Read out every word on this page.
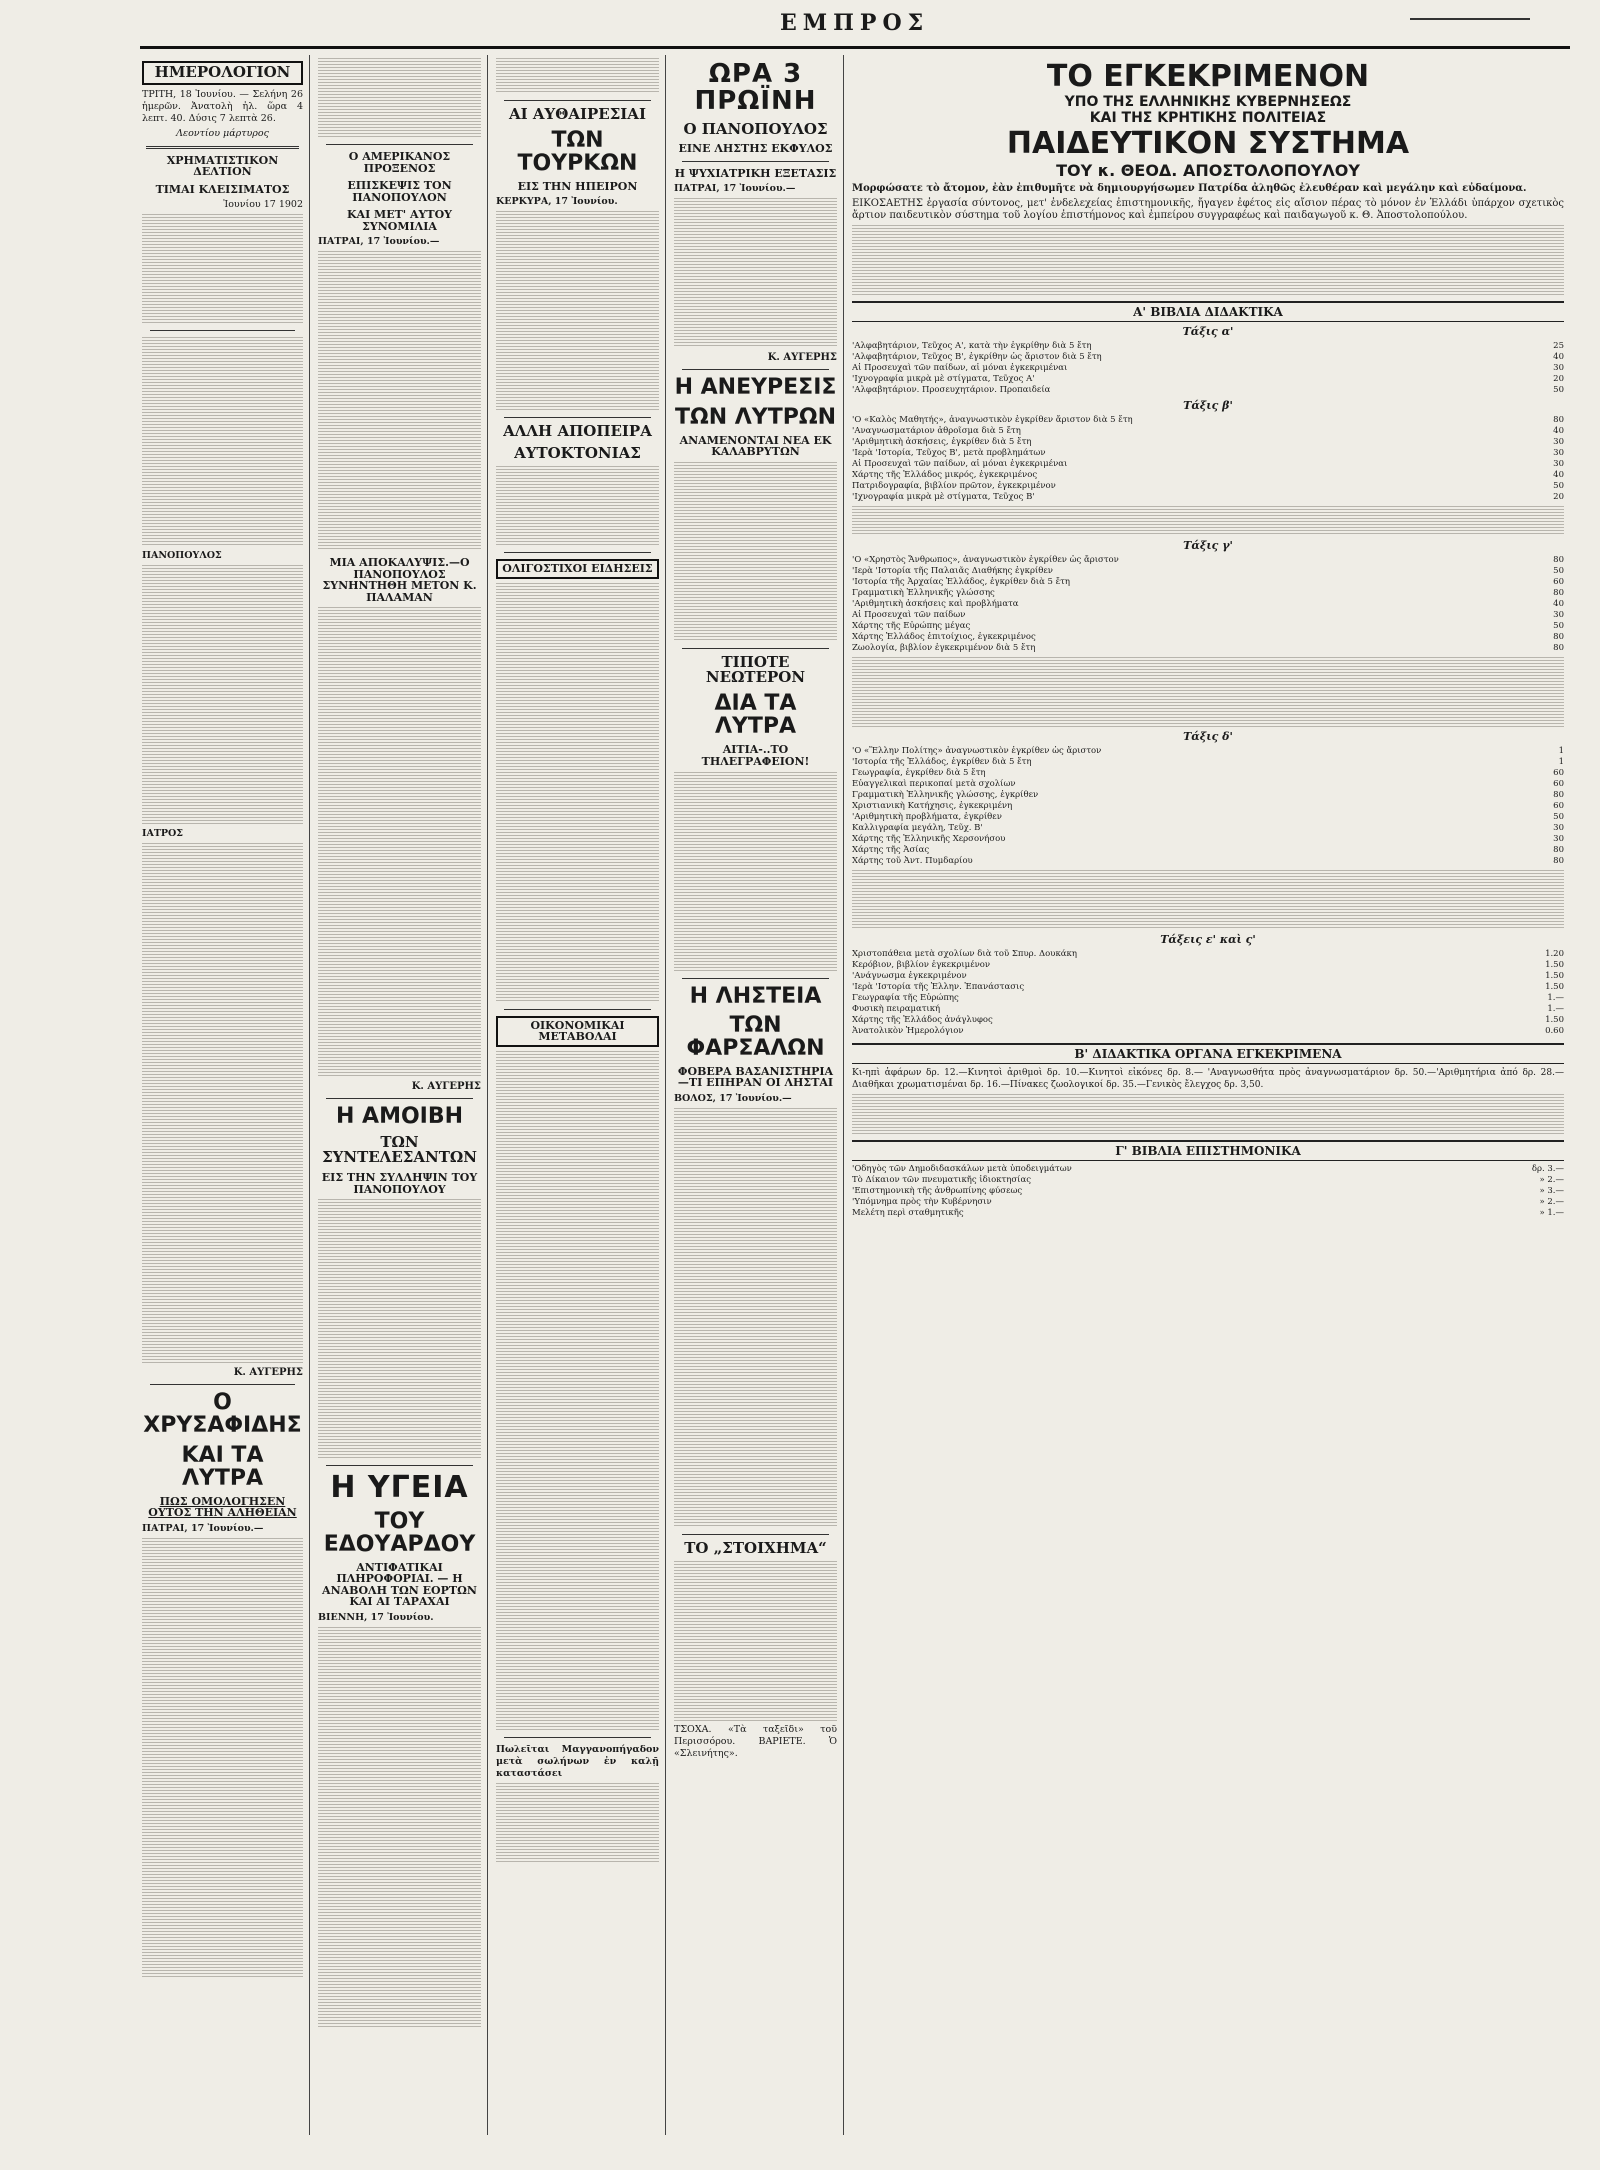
ΕΜΠΡΟΣ
ΗΜΕΡΟΛΟΓΙΟΝ
ΤΡΙΤΗ, 18 Ἰουνίου. — Σελήνη 26 ἡμερῶν. Ἀνατολὴ ἡλ. ὥρα 4 λεπτ. 40. Δύσις 7 λεπτὰ 26.
Λεοντίου μάρτυρος
ΧΡΗΜΑΤΙΣΤΙΚΟΝ ΔΕΛΤΙΟΝ
ΤΙΜΑΙ ΚΛΕΙΣΙΜΑΤΟΣ
Ἰουνίου 17 1902
ΠΑΝΟΠΟΥΛΟΣ
ΙΑΤΡΟΣ
Κ. ΑΥΓΕΡΗΣ
Ο ΧΡΥΣΑΦΙΔΗΣ
ΚΑΙ ΤΑ ΛΥΤΡΑ
ΠΩΣ ΟΜΟΛΟΓΗΣΕΝ ΟΥΤΟΣ ΤΗΝ ΑΛΗΘΕΙΑΝ
ΠΑΤΡΑΙ, 17 Ἰουνίου.—
Ο ΑΜΕΡΙΚΑΝΟΣ ΠΡΟΞΕΝΟΣ
ΕΠΙΣΚΕΨΙΣ ΤΟΝ ΠΑΝΟΠΟΥΛΟΝ
ΚΑΙ ΜΕΤ' ΑΥΤΟΥ ΣΥΝΟΜΙΛΙΑ
ΠΑΤΡΑΙ, 17 Ἰουνίου.—
ΜΙΑ ΑΠΟΚΑΛΥΨΙΣ.—Ο ΠΑΝΟΠΟΥΛΟΣ ΣΥΝΗΝΤΗΘΗ ΜΕΤΟΝ Κ. ΠΑΛΑΜΑΝ
Κ. ΑΥΓΕΡΗΣ
Η ΑΜΟΙΒΗ
ΤΩΝ ΣΥΝΤΕΛΕΣΑΝΤΩΝ
ΕΙΣ ΤΗΝ ΣΥΛΛΗΨΙΝ ΤΟΥ ΠΑΝΟΠΟΥΛΟΥ
Η ΥΓΕΙΑ
ΤΟΥ ΕΔΟΥΑΡΔΟΥ
ΑΝΤΙΦΑΤΙΚΑΙ ΠΛΗΡΟΦΟΡΙΑΙ. — Η ΑΝΑΒΟΛΗ ΤΩΝ ΕΟΡΤΩΝ ΚΑΙ ΑΙ ΤΑΡΑΧΑΙ
ΒΙΕΝΝΗ, 17 Ἰουνίου.
ΑΙ ΑΥΘΑΙΡΕΣΙΑΙ
ΤΩΝ ΤΟΥΡΚΩΝ
ΕΙΣ ΤΗΝ ΗΠΕΙΡΟΝ
ΚΕΡΚΥΡΑ, 17 Ἰουνίου.
ΑΛΛΗ ΑΠΟΠΕΙΡΑ
ΑΥΤΟΚΤΟΝΙΑΣ
ΟΛΙΓΟΣΤΙΧΟΙ ΕΙΔΗΣΕΙΣ
ΟΙΚΟΝΟΜΙΚΑΙ ΜΕΤΑΒΟΛΑΙ
Πωλεῖται Μαγγανοπήγαδον μετὰ σωλήνων ἐν καλῇ καταστάσει
ΩΡΑ 3 ΠΡΩΪΝΗ
Ο ΠΑΝΟΠΟΥΛΟΣ
ΕΙΝΕ ΛΗΣΤΗΣ ΕΚΦΥΛΟΣ
Η ΨΥΧΙΑΤΡΙΚΗ ΕΞΕΤΑΣΙΣ
ΠΑΤΡΑΙ, 17 Ἰουνίου.—
Κ. ΑΥΓΕΡΗΣ
Η ΑΝΕΥΡΕΣΙΣ
ΤΩΝ ΛΥΤΡΩΝ
ΑΝΑΜΕΝΟΝΤΑΙ ΝΕΑ ΕΚ ΚΑΛΑΒΡΥΤΩΝ
ΤΙΠΟΤΕ ΝΕΩΤΕΡΟΝ
ΔΙΑ ΤΑ ΛΥΤΡΑ
ΑΙΤΙΑ-..ΤΟ ΤΗΛΕΓΡΑΦΕΙΟΝ!
Η ΛΗΣΤΕΙΑ
ΤΩΝ ΦΑΡΣΑΛΩΝ
ΦΟΒΕΡΑ ΒΑΣΑΝΙΣΤΗΡΙΑ—ΤΙ ΕΠΗΡΑΝ ΟΙ ΛΗΣΤΑΙ
ΒΟΛΟΣ, 17 Ἰουνίου.—
ΤΟ „ΣΤΟΙΧΗΜΑ“
ΤΣΟΧΑ. «Τὰ ταξεῖδι» τοῦ Περισσόρου. ΒΑΡΙΕΤΕ. Ὁ «Σλεινήτης».
ΤΟ ΕΓΚΕΚΡΙΜΕΝΟΝ
ΥΠΟ ΤΗΣ ΕΛΛΗΝΙΚΗΣ ΚΥΒΕΡΝΗΣΕΩΣ
ΚΑΙ ΤΗΣ ΚΡΗΤΙΚΗΣ ΠΟΛΙΤΕΙΑΣ
ΠΑΙΔΕΥΤΙΚΟΝ ΣΥΣΤΗΜΑ
ΤΟΥ κ. ΘΕΟΔ. ΑΠΟΣΤΟΛΟΠΟΥΛΟΥ
Μορφώσατε τὸ ἄτομον, ἐὰν ἐπιθυμῆτε νὰ δημιουργήσωμεν Πατρίδα ἀληθῶς ἐλευθέραν καὶ μεγάλην καὶ εὐδαίμονα.
ΕΙΚΟΣΑΕΤΗΣ ἐργασία σύντονος, μετ' ἐνδελεχείας ἐπιστημονικῆς, ἤγαγεν ἐφέτος εἰς αἴσιον πέρας τὸ μόνον ἐν Ἑλλάδι ὑπάρχον σχετικὸς ἄρτιον παιδευτικὸν σύστημα τοῦ λογίου ἐπιστήμονος καὶ ἐμπείρου συγγραφέως καὶ παιδαγωγοῦ κ. Θ. Ἀποστολοπούλου.
Α' ΒΙΒΛΙΑ ΔΙΔΑΚΤΙΚΑ
Τάξις α'
'Αλφαβητάριον, Τεῦχος Α', κατὰ τὴν ἐγκρίθην διὰ 5 ἔτη	25
'Αλφαβητάριον, Τεῦχος Β', ἐγκρίθην ὡς ἄριστον διὰ 5 ἔτη	40
Αἱ Προσευχαὶ τῶν παίδων, αἱ μόναι ἐγκεκριμέναι	30
'Ιχνογραφία μικρὰ μὲ στίγματα, Τεῦχος Α'	20
'Αλφαβητάριον. Προσευχητάριον. Προπαιδεία	50
Τάξις β'
'Ο «Καλὸς Μαθητής», ἀναγνωστικὸν ἐγκρίθεν ἄριστον διὰ 5 ἔτη	80
'Αναγνωσματάριον ἀθροῖσμα διὰ 5 ἔτη	40
'Αριθμητικὴ ἀσκήσεις, ἐγκρίθεν διὰ 5 ἔτη	30
'Ιερὰ 'Ιστορία, Τεῦχος Β', μετὰ προβλημάτων	30
Αἱ Προσευχαὶ τῶν παίδων, αἱ μόναι ἐγκεκριμέναι	30
Χάρτης τῆς Ἑλλάδος μικρός, ἐγκεκριμένος	40
Πατριδογραφία, βιβλίον πρῶτον, ἐγκεκριμένον	50
'Ιχνογραφία μικρὰ μὲ στίγματα, Τεῦχος Β'	20
Τάξις γ'
'Ο «Χρηστὸς Ἄνθρωπος», ἀναγνωστικὸν ἐγκρίθεν ὡς ἄριστον	80
'Ιερὰ 'Ιστορία τῆς Παλαιᾶς Διαθήκης ἐγκρίθεν	50
'Ιστορία τῆς Ἀρχαίας Ἑλλάδος, ἐγκρίθεν διὰ 5 ἔτη	60
Γραμματικὴ Ἑλληνικῆς γλώσσης	80
'Αριθμητικὴ ἀσκήσεις καὶ προβλήματα	40
Αἱ Προσευχαὶ τῶν παίδων	30
Χάρτης τῆς Εὐρώπης μέγας	50
Χάρτης Ἑλλάδος ἐπιτοίχιος, ἐγκεκριμένος	80
Ζωολογία, βιβλίον ἐγκεκριμένον διὰ 5 ἔτη	80
Τάξις δ'
'Ο «Ἕλλην Πολίτης» ἀναγνωστικὸν ἐγκρίθεν ὡς ἄριστον	1
'Ιστορία τῆς Ἑλλάδος, ἐγκρίθεν διὰ 5 ἔτη	1
Γεωγραφία, ἐγκρίθεν διὰ 5 ἔτη	60
Εὐαγγελικαὶ περικοπαί μετὰ σχολίων	60
Γραμματικὴ Ἑλληνικῆς γλώσσης, ἐγκρίθεν	80
Χριστιανικὴ Κατήχησις, ἐγκεκριμένη	60
'Αριθμητικὴ προβλήματα, ἐγκρίθεν	50
Καλλιγραφία μεγάλη, Τεῦχ. Β'	30
Χάρτης τῆς Ἑλληνικῆς Χερσονήσου	30
Χάρτης τῆς Ἀσίας	80
Χάρτης τοῦ Ἀντ. Πυμδαρίου	80
Τάξεις ε' καὶ ς'
Χριστοπάθεια μετὰ σχολίων διὰ τοῦ Σπυρ. Δουκάκη	1.20
Κερόβιον, βιβλίον ἐγκεκριμένον	1.50
'Ανάγνωσμα ἐγκεκριμένον	1.50
'Ιερὰ 'Ιστορία τῆς Ἑλλην. Ἐπανάστασις	1.50
Γεωγραφία τῆς Εὐρώπης	1.—
Φυσικὴ πειραματική	1.—
Χάρτης τῆς Ἑλλάδος ἀνάγλυφος	1.50
Ἀνατολικὸν Ἡμερολόγιον	0.60
Β' ΔΙΔΑΚΤΙΚΑ ΟΡΓΑΝΑ ΕΓΚΕΚΡΙΜΕΝΑ
Κι-ηπὶ ἀφάρων δρ. 12.—Κινητοὶ ἀριθμοὶ δρ. 10.—Κινητοὶ εἰκόνες δρ. 8.— 'Αναγνωσθήτα πρὸς ἀναγνωσματάριον δρ. 50.—'Αριθμητήρια ἀπό δρ. 28.— Διαθῆκαι χρωματισμέναι δρ. 16.—Πίνακες ζωολογικοί δρ. 35.—Γενικὸς ἔλεγχος δρ. 3,50.
Γ' ΒΙΒΛΙΑ ΕΠΙΣΤΗΜΟΝΙΚΑ
'Οδηγὸς τῶν Δημοδιδασκάλων μετὰ ὑποδειγμάτων	δρ. 3.—
Τὸ Δίκαιον τῶν πνευματικῆς ἰδιοκτησίας	» 2.—
'Επιστημονικὴ τῆς ἀνθρωπίνης φύσεως	» 3.—
'Υπόμνημα πρὸς τὴν Κυβέρνησιν	» 2.—
Μελέτη περὶ σταθμητικῆς	» 1.—
